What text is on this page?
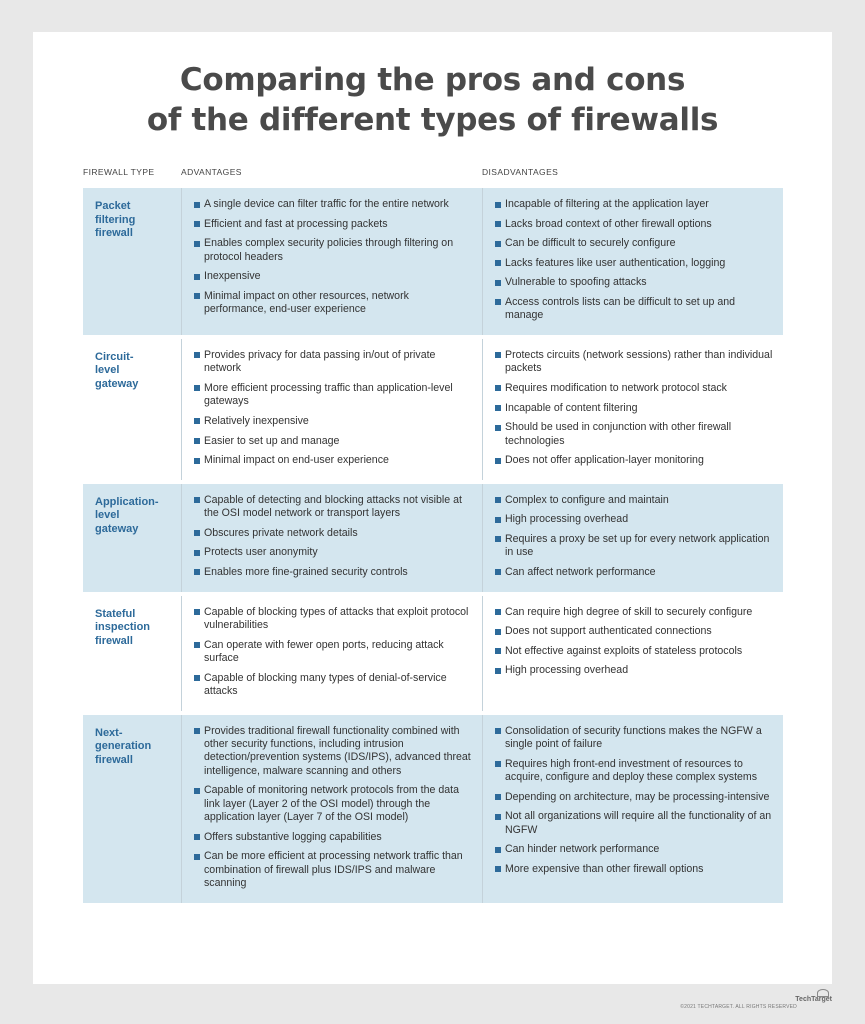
Comparing the pros and cons
of the different types of firewalls
FIREWALL TYPE	ADVANTAGES	DISADVANTAGES
Packet
filtering
firewall
A single device can filter traffic for the entire network
Efficient and fast at processing packets
Enables complex security policies through filtering on protocol headers
Inexpensive
Minimal impact on other resources, network performance, end-user experience
Incapable of filtering at the application layer
Lacks broad context of other firewall options
Can be difficult to securely configure
Lacks features like user authentication, logging
Vulnerable to spoofing attacks
Access controls lists can be difficult to set up and manage
Circuit-
level
gateway
Provides privacy for data passing in/out of private network
More efficient processing traffic than application-level gateways
Relatively inexpensive
Easier to set up and manage
Minimal impact on end-user experience
Protects circuits (network sessions) rather than individual packets
Requires modification to network protocol stack
Incapable of content filtering
Should be used in conjunction with other firewall technologies
Does not offer application-layer monitoring
Application-
level
gateway
Capable of detecting and blocking attacks not visible at the OSI model network or transport layers
Obscures private network details
Protects user anonymity
Enables more fine-grained security controls
Complex to configure and maintain
High processing overhead
Requires a proxy be set up for every network application in use
Can affect network performance
Stateful
inspection
firewall
Capable of blocking types of attacks that exploit protocol vulnerabilities
Can operate with fewer open ports, reducing attack surface
Capable of blocking many types of denial-of-service attacks
Can require high degree of skill to securely configure
Does not support authenticated connections
Not effective against exploits of stateless protocols
High processing overhead
Next-
generation
firewall
Provides traditional firewall functionality combined with other security functions, including intrusion detection/prevention systems (IDS/IPS), advanced threat intelligence, malware scanning and others
Capable of monitoring network protocols from the data link layer (Layer 2 of the OSI model) through the application layer (Layer 7 of the OSI model)
Offers substantive logging capabilities
Can be more efficient at processing network traffic than combination of firewall plus IDS/IPS and malware scanning
Consolidation of security functions makes the NGFW a single point of failure
Requires high front-end investment of resources to acquire, configure and deploy these complex systems
Depending on architecture, may be processing-intensive
Not all organizations will require all the functionality of an NGFW
Can hinder network performance
More expensive than other firewall options
©2021 TECHTARGET. ALL RIGHTS RESERVED
TechTarget
